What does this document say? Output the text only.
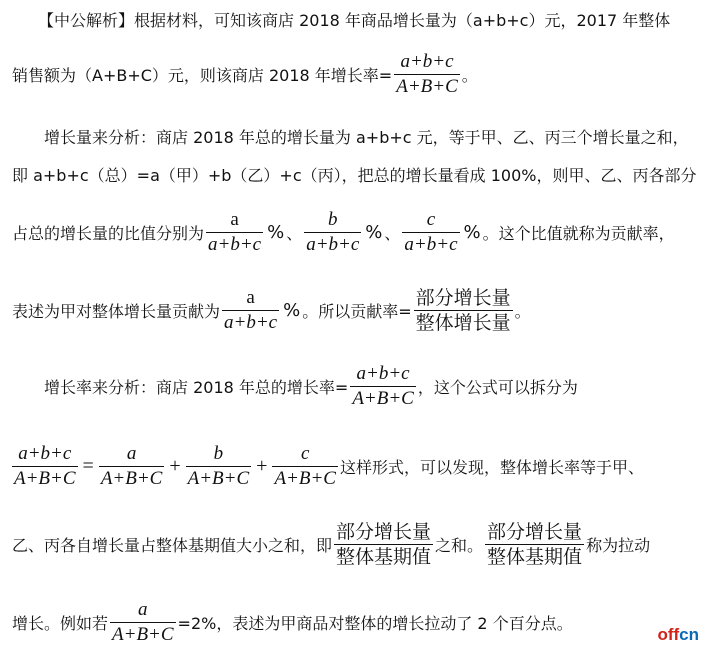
【中公解析】根据材料，可知该商店 2018 年商品增长量为（a+b+c）元，2017 年整体
销售额为（A+B+C）元，则该商店 2018 年增长率= $\frac{a+b+c}{A+B+C}$ 。
增长量来分析：商店 2018 年总的增长量为 a+b+c 元，等于甲、乙、丙三个增长量之和，
即 a+b+c（总）=a（甲）+b（乙）+c（丙），把总的增长量看成 100%，则甲、乙、丙各部分
占总的增长量的比值分别为 $\frac{a}{a+b+c}$ % 、 $\frac{b}{a+b+c}$ % 、 $\frac{c}{a+b+c}$ % 。这个比值就称为贡献率，
表述为甲对整体增长量贡献为 $\frac{a}{a+b+c}$ % 。所以贡献率= $\frac{\text{部分增长量}}{\text{整体增长量}}$ 。
增长率来分析：商店 2018 年总的增长率= $\frac{a+b+c}{A+B+C}$ ，这个公式可以拆分为
$\frac{a+b+c}{A+B+C} = \frac{a}{A+B+C} + \frac{b}{A+B+C} + \frac{c}{A+B+C}$ 这样形式，可以发现，整体增长率等于甲、
乙、丙各自增长量占整体基期值大小之和，即 $\frac{\text{部分增长量}}{\text{整体基期值}}$ 之和。 $\frac{\text{部分增长量}}{\text{整体基期值}}$ 称为拉动
增长。例如若 $\frac{a}{A+B+C} =2\%$，表述为甲商品对整体的增长拉动了 2 个百分点。
offcn
